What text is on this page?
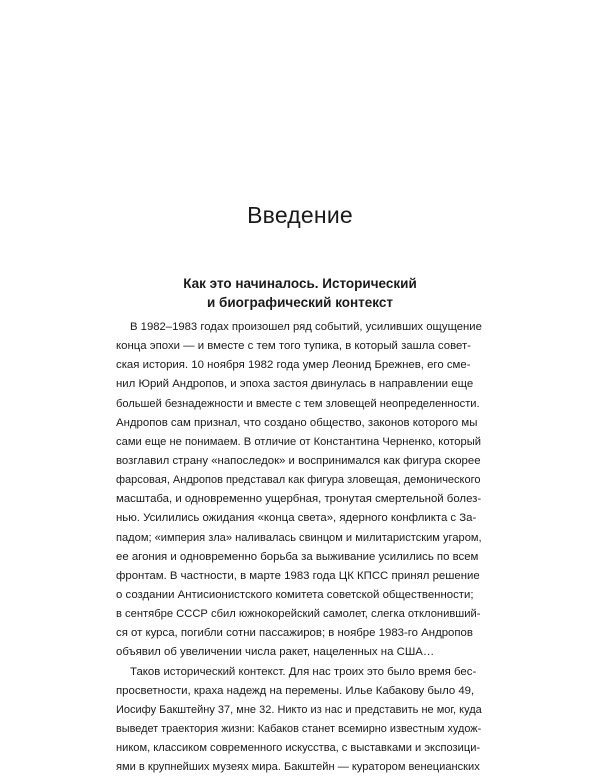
Введение
Как это начиналось. Исторический
и биографический контекст
В 1982–1983 годах произошел ряд событий, усиливших ощущение
конца эпохи — и вместе с тем того тупика, в который зашла совет-
ская история. 10 ноября 1982 года умер Леонид Брежнев, его сме-
нил Юрий Андропов, и эпоха застоя двинулась в направлении еще
большей безнадежности и вместе с тем зловещей неопределенности.
Андропов сам признал, что создано общество, законов которого мы
сами еще не понимаем. В отличие от Константина Черненко, который
возглавил страну «напоследок» и воспринимался как фигура скорее
фарсовая, Андропов представал как фигура зловещая, демонического
масштаба, и одновременно ущербная, тронутая смертельной болез-
нью. Усилились ожидания «конца света», ядерного конфликта с За-
падом; «империя зла» наливалась свинцом и милитаристским угаром,
ее агония и одновременно борьба за выживание усилились по всем
фронтам. В частности, в марте 1983 года ЦК КПСС принял решение
о создании Антисионистского комитета советской общественности;
в сентябре СССР сбил южнокорейский самолет, слегка отклонивший-
ся от курса, погибли сотни пассажиров; в ноябре 1983-го Андропов
объявил об увеличении числа ракет, нацеленных на США…
Таков исторический контекст. Для нас троих это было время бес-
просветности, краха надежд на перемены. Илье Кабакову было 49,
Иосифу Бакштейну 37, мне 32. Никто из нас и представить не мог, куда
выведет траектория жизни: Кабаков станет всемирно известным худож-
ником, классиком современного искусства, с выставками и экспозици-
ями в крупнейших музеях мира. Бакштейн — куратором венецианских
